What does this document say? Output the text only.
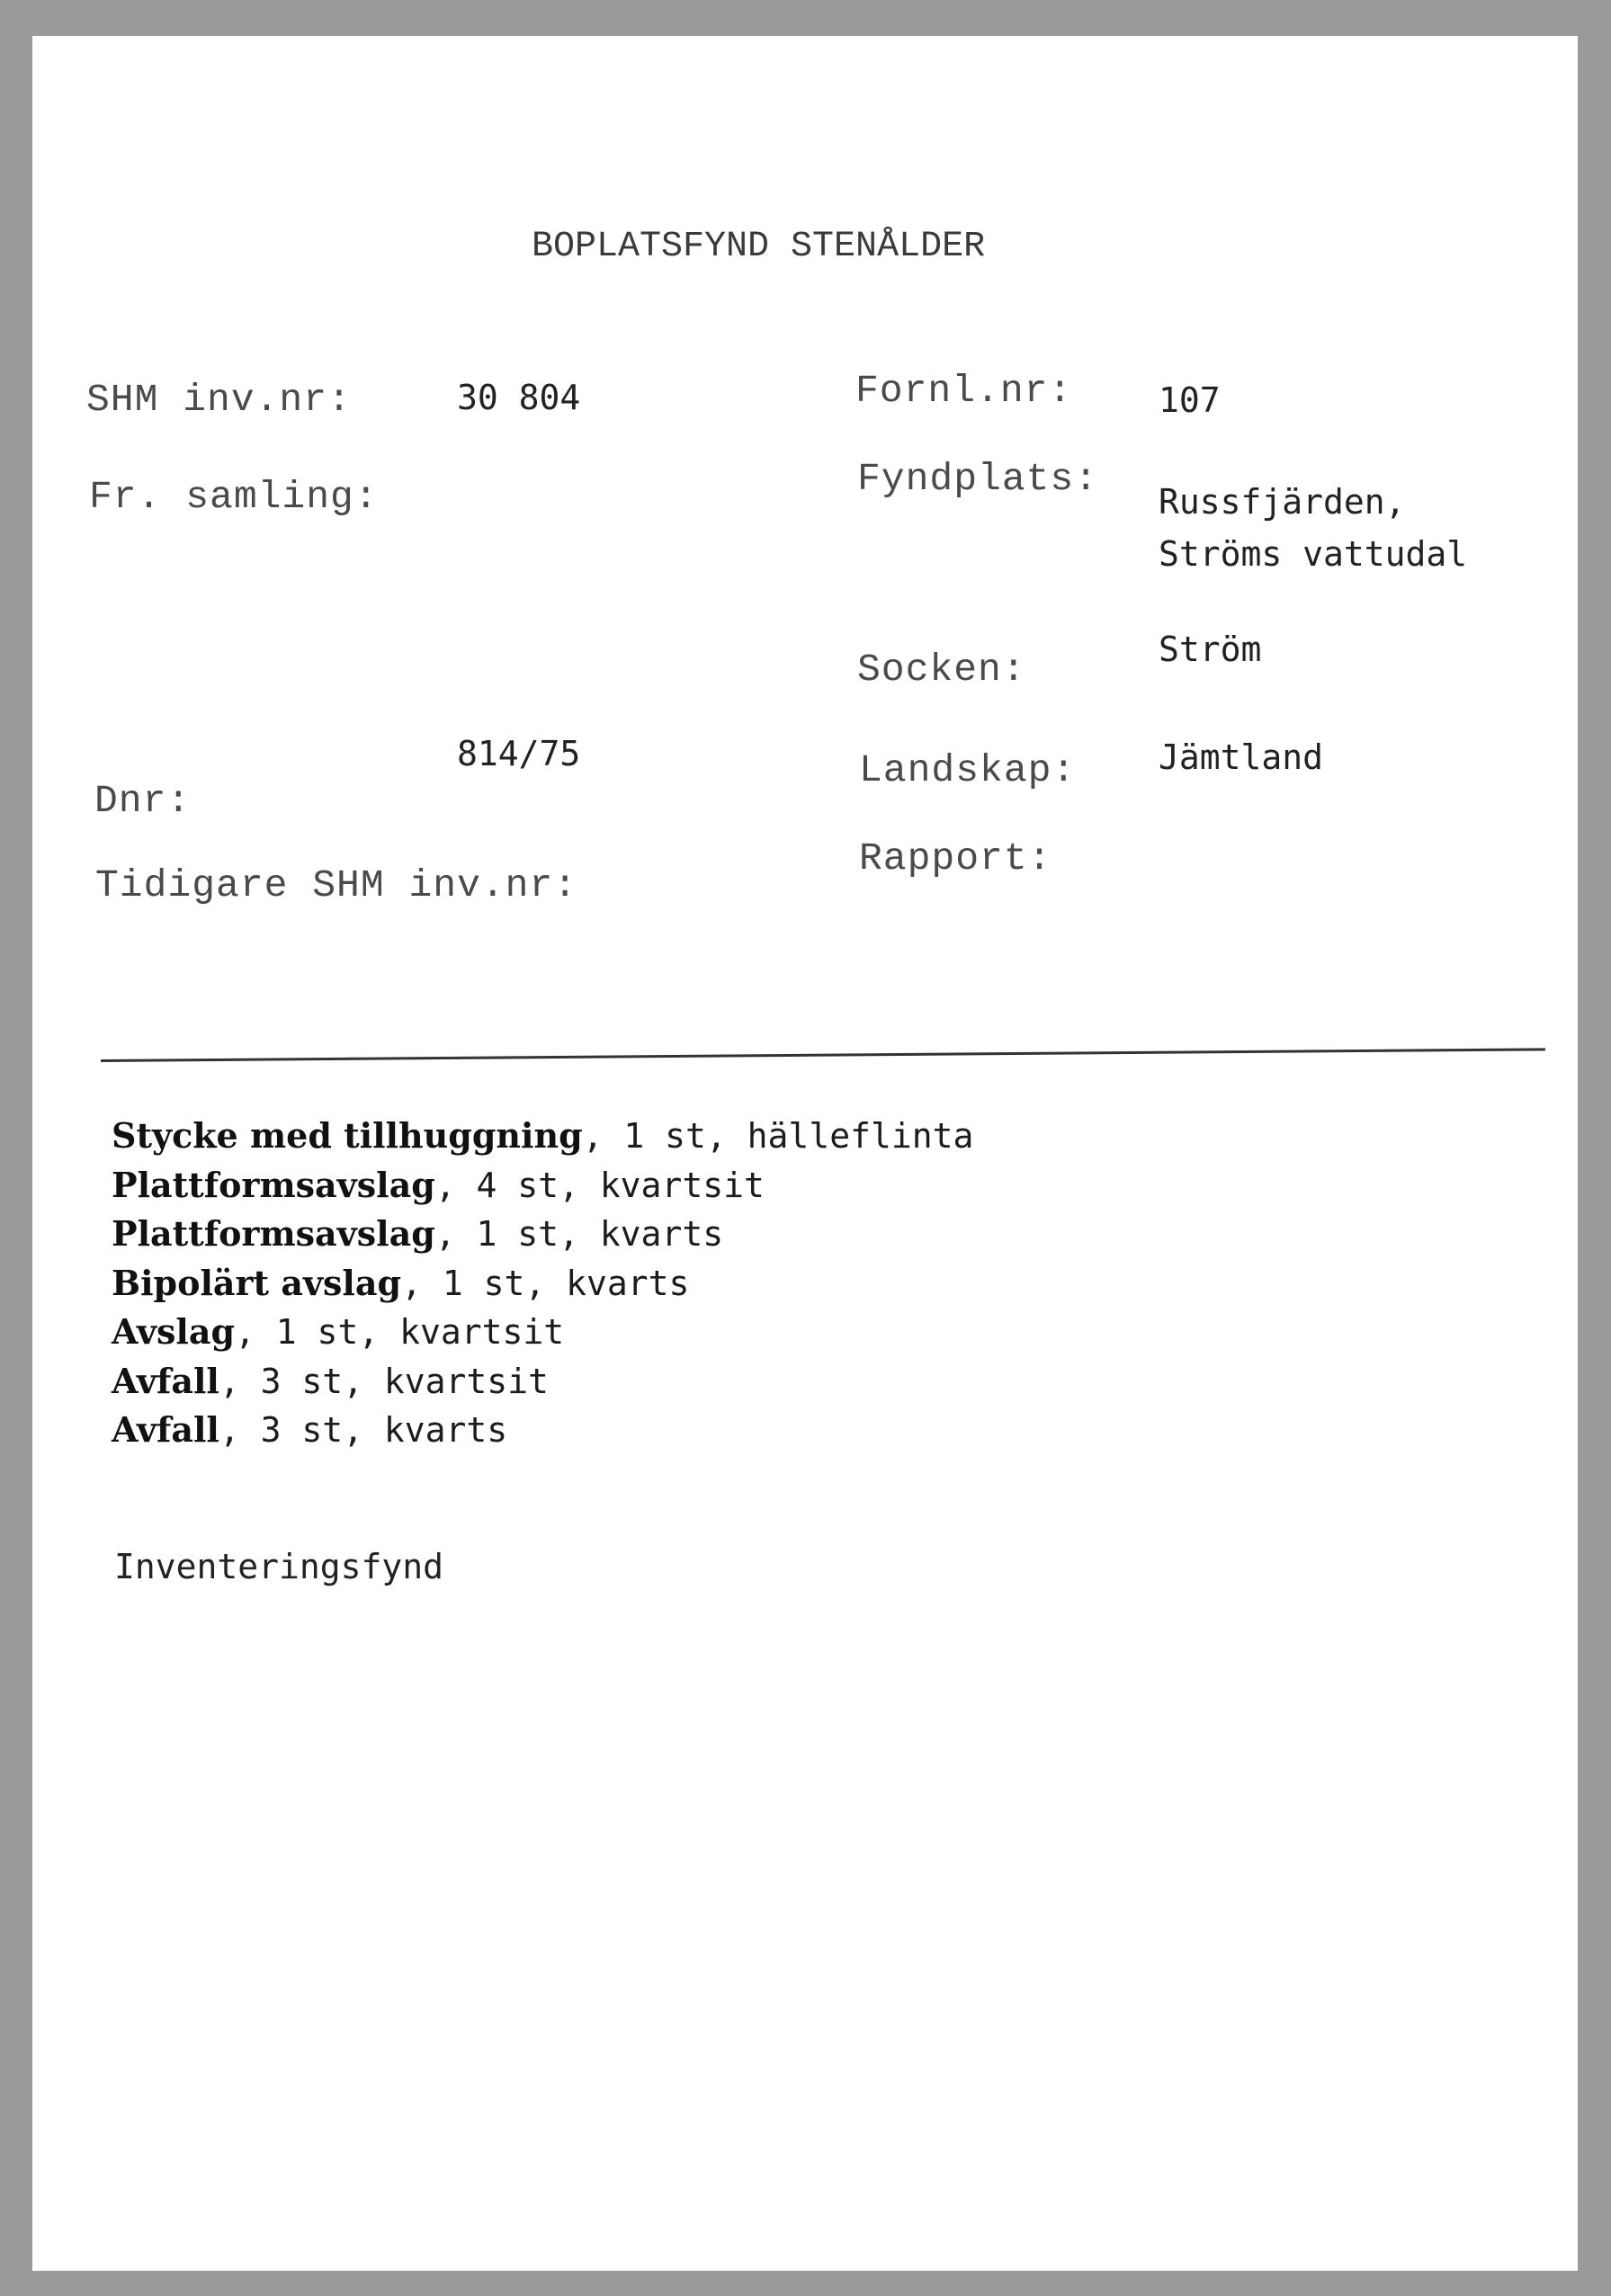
BOPLATSFYND STENÅLDER
SHM inv.nr:	30 804
Fr. samling:
814/75
Dnr:
Tidigare SHM inv.nr:
Fornl.nr:	107
Fyndplats:
Russfjärden,
Ströms vattudal
Ström
Socken:
Jämtland
Landskap:
Rapport:
Stycke med tillhuggning, 1 st, hälleflinta
Plattformsavslag, 4 st, kvartsit
Plattformsavslag, 1 st, kvarts
Bipolärt avslag, 1 st, kvarts
Avslag, 1 st, kvartsit
Avfall, 3 st, kvartsit
Avfall, 3 st, kvarts
Inventeringsfynd
